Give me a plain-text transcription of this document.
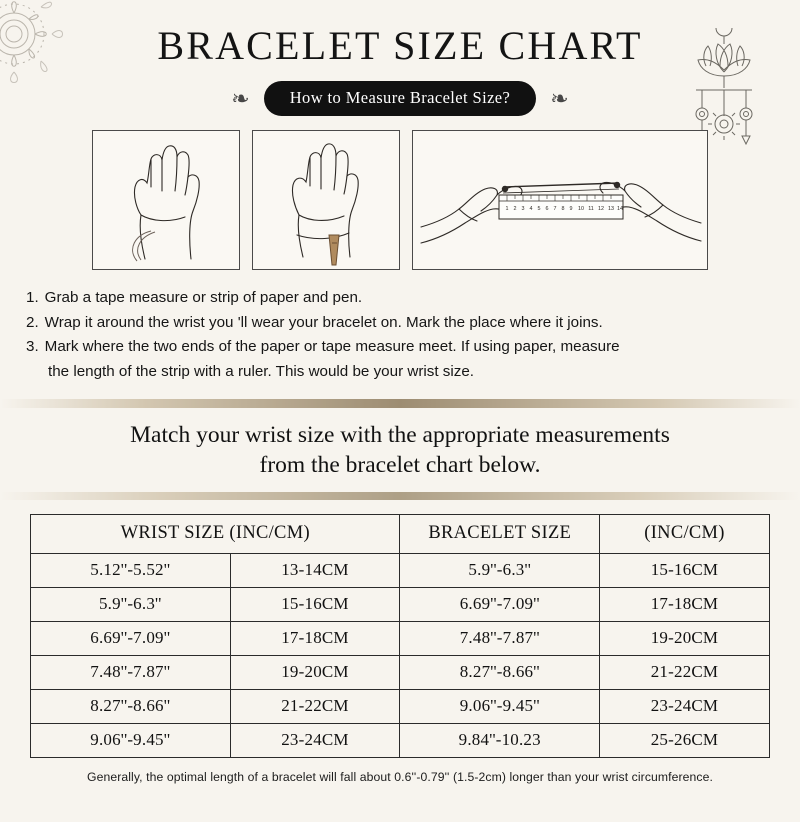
BRACELET SIZE CHART
❧	How to Measure Bracelet Size?	❧
1 2 3 4 5 6 7 8 9 10 11 12 13 14
1. Grab a tape measure or strip of paper and pen.
2. Wrap it around the wrist you 'll wear your bracelet on. Mark the place where it joins.
3. Mark where the two ends of the paper or tape measure meet. If using paper, measure
the length of the strip with a ruler. This would be your wrist size.
Match your wrist size with the appropriate measurements
from the bracelet chart below.
WRIST SIZE (INC/CM)		BRACELET SIZE	(INC/CM)
5.12''-5.52''	13-14CM	5.9''-6.3''	15-16CM
5.9''-6.3''	15-16CM	6.69''-7.09''	17-18CM
6.69''-7.09''	17-18CM	7.48''-7.87''	19-20CM
7.48''-7.87''	19-20CM	8.27''-8.66''	21-22CM
8.27''-8.66''	21-22CM	9.06''-9.45''	23-24CM
9.06''-9.45''	23-24CM	9.84''-10.23	25-26CM
Generally, the optimal length of a bracelet will fall about 0.6''-0.79'' (1.5-2cm) longer than your wrist circumference.
